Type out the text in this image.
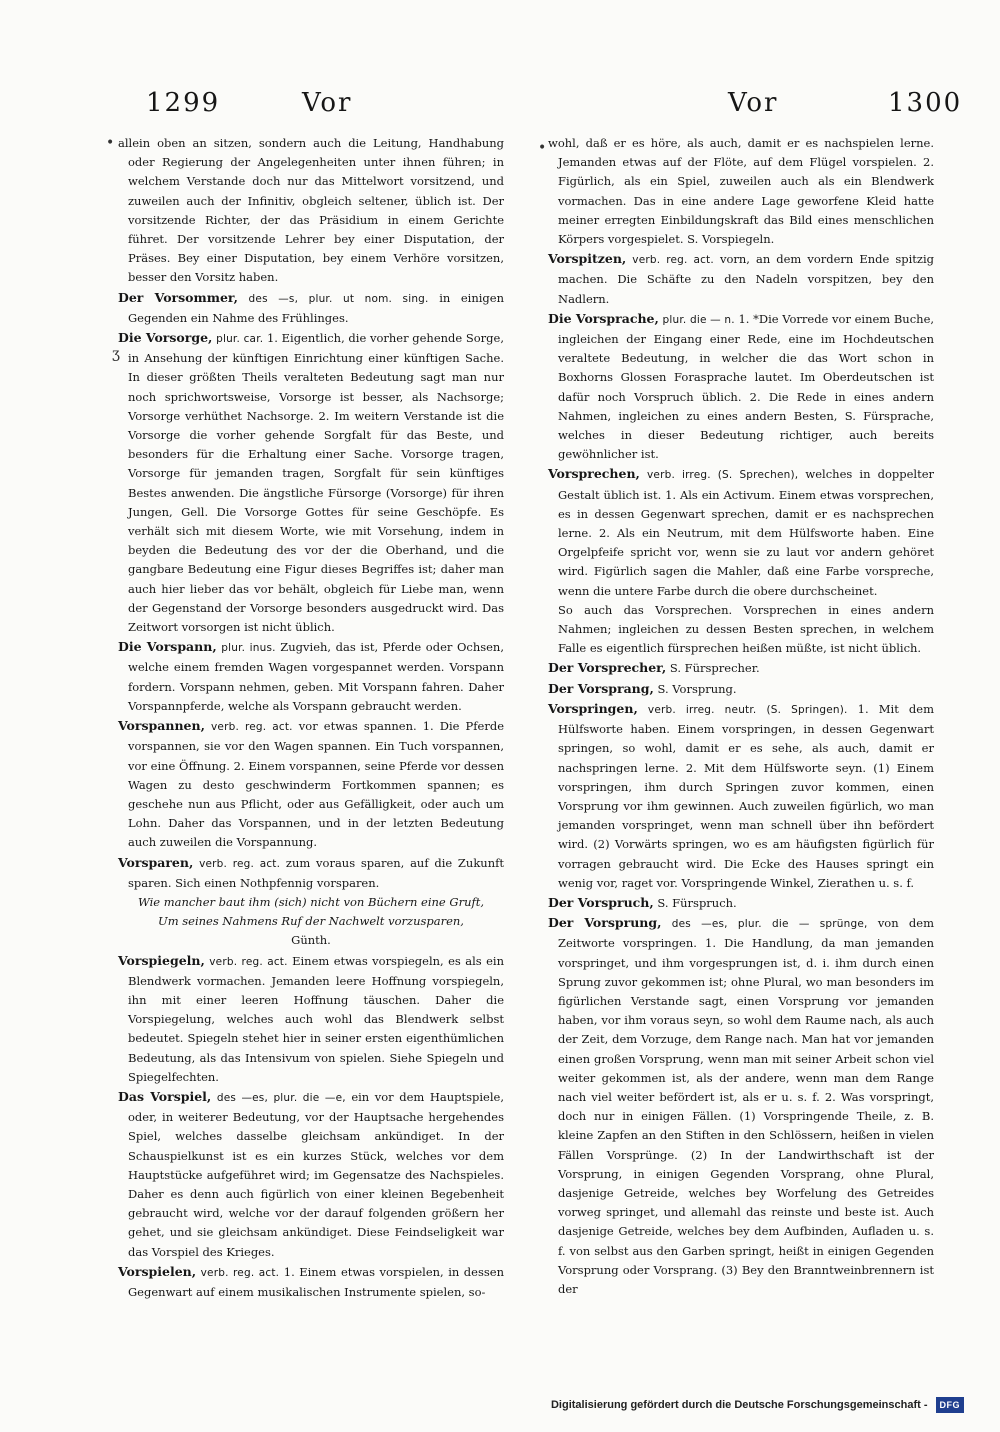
1299	Vor	Vor	1300
•
ʒ
•
allein oben an sitzen, sondern auch die Leitung, Handhabung oder Regierung der Angelegenheiten unter ihnen führen; in welchem Verstande doch nur das Mittelwort vorsitzend, und zuweilen auch der Infinitiv, obgleich seltener, üblich ist. Der vorsitzende Richter, der das Präsidium in einem Gerichte führet. Der vorsitzende Lehrer bey einer Disputation, der Präses. Bey einer Disputation, bey einem Verhöre vorsitzen, besser den Vorsitz haben.
Der Vorsommer, des —s, plur. ut nom. sing. in einigen Gegenden ein Nahme des Frühlinges.
Die Vorsorge, plur. car. 1. Eigentlich, die vorher gehende Sorge, in Ansehung der künftigen Einrichtung einer künftigen Sache. In dieser größten Theils veralteten Bedeutung sagt man nur noch sprichwortsweise, Vorsorge ist besser, als Nachsorge; Vorsorge verhüthet Nachsorge. 2. Im weitern Verstande ist die Vorsorge die vorher gehende Sorgfalt für das Beste, und besonders für die Erhaltung einer Sache. Vorsorge tragen, Vorsorge für jemanden tragen, Sorgfalt für sein künftiges Bestes anwenden. Die ängstliche Fürsorge (Vorsorge) für ihren Jungen, Gell. Die Vorsorge Gottes für seine Geschöpfe. Es verhält sich mit diesem Worte, wie mit Vorsehung, indem in beyden die Bedeutung des vor der die Oberhand, und die gangbare Bedeutung eine Figur dieses Begriffes ist; daher man auch hier lieber das vor behält, obgleich für Liebe man, wenn der Gegenstand der Vorsorge besonders ausgedruckt wird. Das Zeitwort vorsorgen ist nicht üblich.
Die Vorspann, plur. inus. Zugvieh, das ist, Pferde oder Ochsen, welche einem fremden Wagen vorgespannet werden. Vorspann fordern. Vorspann nehmen, geben. Mit Vorspann fahren. Daher Vorspannpferde, welche als Vorspann gebraucht werden.
Vorspannen, verb. reg. act. vor etwas spannen. 1. Die Pferde vorspannen, sie vor den Wagen spannen. Ein Tuch vorspannen, vor eine Öffnung. 2. Einem vorspannen, seine Pferde vor dessen Wagen zu desto geschwinderm Fortkommen spannen; es geschehe nun aus Pflicht, oder aus Gefälligkeit, oder auch um Lohn. Daher das Vorspannen, und in der letzten Bedeutung auch zuweilen die Vorspannung.
Vorsparen, verb. reg. act. zum voraus sparen, auf die Zukunft sparen. Sich einen Nothpfennig vorsparen.
Wie mancher baut ihm (sich) nicht von Büchern eine Gruft,
Um seines Nahmens Ruf der Nachwelt vorzusparen,
Günth.
Vorspiegeln, verb. reg. act. Einem etwas vorspiegeln, es als ein Blendwerk vormachen. Jemanden leere Hoffnung vorspiegeln, ihn mit einer leeren Hoffnung täuschen. Daher die Vorspiegelung, welches auch wohl das Blendwerk selbst bedeutet. Spiegeln stehet hier in seiner ersten eigenthümlichen Bedeutung, als das Intensivum von spielen. Siehe Spiegeln und Spiegelfechten.
Das Vorspiel, des —es, plur. die —e, ein vor dem Hauptspiele, oder, in weiterer Bedeutung, vor der Hauptsache hergehendes Spiel, welches dasselbe gleichsam ankündiget. In der Schauspielkunst ist es ein kurzes Stück, welches vor dem Hauptstücke aufgeführet wird; im Gegensatze des Nachspieles. Daher es denn auch figürlich von einer kleinen Begebenheit gebraucht wird, welche vor der darauf folgenden größern her gehet, und sie gleichsam ankündiget. Diese Feindseligkeit war das Vorspiel des Krieges.
Vorspielen, verb. reg. act. 1. Einem etwas vorspielen, in dessen Gegenwart auf einem musikalischen Instrumente spielen, so-
wohl, daß er es höre, als auch, damit er es nachspielen lerne. Jemanden etwas auf der Flöte, auf dem Flügel vorspielen. 2. Figürlich, als ein Spiel, zuweilen auch als ein Blendwerk vormachen. Das in eine andere Lage geworfene Kleid hatte meiner erregten Einbildungskraft das Bild eines menschlichen Körpers vorgespielet. S. Vorspiegeln.
Vorspitzen, verb. reg. act. vorn, an dem vordern Ende spitzig machen. Die Schäfte zu den Nadeln vorspitzen, bey den Nadlern.
Die Vorsprache, plur. die — n. 1. *Die Vorrede vor einem Buche, ingleichen der Eingang einer Rede, eine im Hochdeutschen veraltete Bedeutung, in welcher die das Wort schon in Boxhorns Glossen Forasprache lautet. Im Oberdeutschen ist dafür noch Vorspruch üblich. 2. Die Rede in eines andern Nahmen, ingleichen zu eines andern Besten, S. Fürsprache, welches in dieser Bedeutung richtiger, auch bereits gewöhnlicher ist.
Vorsprechen, verb. irreg. (S. Sprechen), welches in doppelter Gestalt üblich ist. 1. Als ein Activum. Einem etwas vorsprechen, es in dessen Gegenwart sprechen, damit er es nachsprechen lerne. 2. Als ein Neutrum, mit dem Hülfsworte haben. Eine Orgelpfeife spricht vor, wenn sie zu laut vor andern gehöret wird. Figürlich sagen die Mahler, daß eine Farbe vorspreche, wenn die untere Farbe durch die obere durchscheinet.
So auch das Vorsprechen. Vorsprechen in eines andern Nahmen; ingleichen zu dessen Besten sprechen, in welchem Falle es eigentlich fürsprechen heißen müßte, ist nicht üblich.
Der Vorsprecher, S. Fürsprecher.
Der Vorsprang, S. Vorsprung.
Vorspringen, verb. irreg. neutr. (S. Springen). 1. Mit dem Hülfsworte haben. Einem vorspringen, in dessen Gegenwart springen, so wohl, damit er es sehe, als auch, damit er nachspringen lerne. 2. Mit dem Hülfsworte seyn. (1) Einem vorspringen, ihm durch Springen zuvor kommen, einen Vorsprung vor ihm gewinnen. Auch zuweilen figürlich, wo man jemanden vorspringet, wenn man schnell über ihn befördert wird. (2) Vorwärts springen, wo es am häufigsten figürlich für vorragen gebraucht wird. Die Ecke des Hauses springt ein wenig vor, raget vor. Vorspringende Winkel, Zierathen u. s. f.
Der Vorspruch, S. Fürspruch.
Der Vorsprung, des —es, plur. die — sprünge, von dem Zeitworte vorspringen. 1. Die Handlung, da man jemanden vorspringet, und ihm vorgesprungen ist, d. i. ihm durch einen Sprung zuvor gekommen ist; ohne Plural, wo man besonders im figürlichen Verstande sagt, einen Vorsprung vor jemanden haben, vor ihm voraus seyn, so wohl dem Raume nach, als auch der Zeit, dem Vorzuge, dem Range nach. Man hat vor jemanden einen großen Vorsprung, wenn man mit seiner Arbeit schon viel weiter gekommen ist, als der andere, wenn man dem Range nach viel weiter befördert ist, als er u. s. f. 2. Was vorspringt, doch nur in einigen Fällen. (1) Vorspringende Theile, z. B. kleine Zapfen an den Stiften in den Schlössern, heißen in vielen Fällen Vorsprünge. (2) In der Landwirthschaft ist der Vorsprung, in einigen Gegenden Vorsprang, ohne Plural, dasjenige Getreide, welches bey Worfelung des Getreides vorweg springet, und allemahl das reinste und beste ist. Auch dasjenige Getreide, welches bey dem Aufbinden, Aufladen u. s. f. von selbst aus den Garben springt, heißt in einigen Gegenden Vorsprung oder Vorsprang. (3) Bey den Branntweinbrennern ist der
Digitalisierung gefördert durch die Deutsche Forschungsgemeinschaft -	DFG
